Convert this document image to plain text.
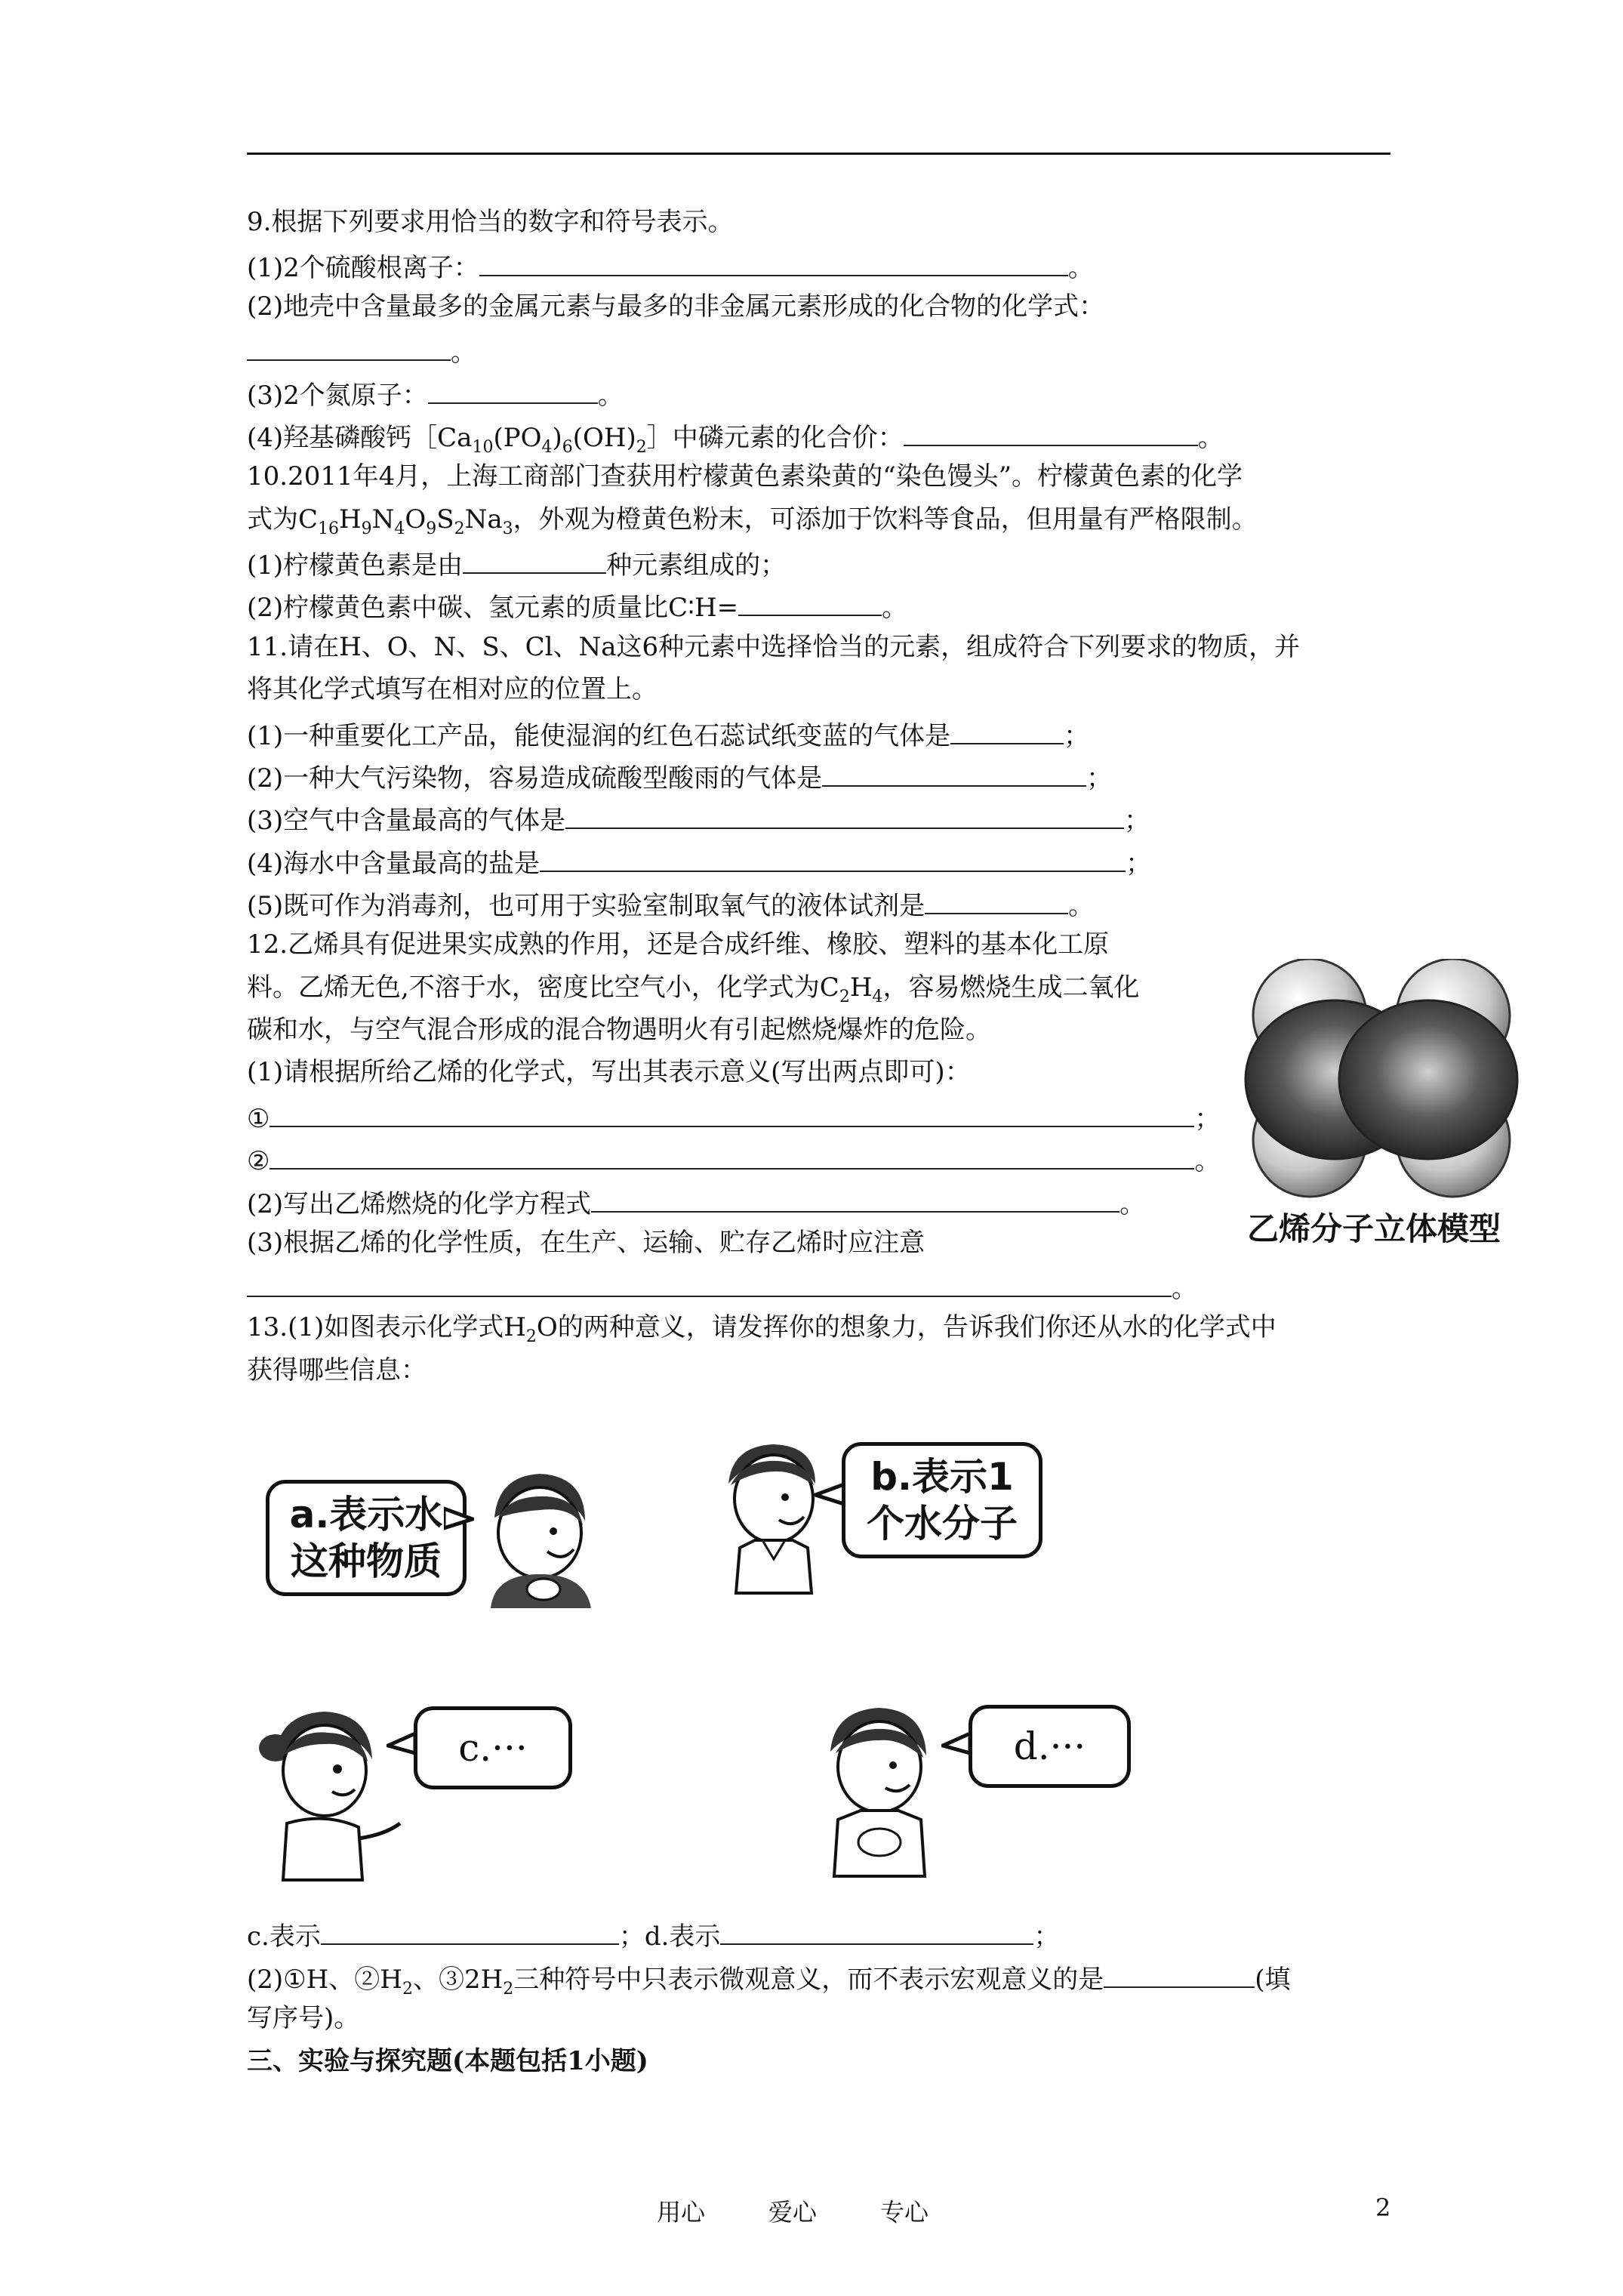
9.根据下列要求用恰当的数字和符号表示。
(1)2个硫酸根离子：	。
(2)地壳中含量最多的金属元素与最多的非金属元素形成的化合物的化学式：
。
(3)2个氮原子：	。
(4)羟基磷酸钙$[Ca_{10}(PO_4)_6(OH)_2]$中磷元素的化合价：	。
10.2011年4月，上海工商部门查获用柠檬黄色素染黄的“染色馒头”。柠檬黄色素的化学
式为$C_{16}H_9N_4O_9S_2Na_3$，外观为橙黄色粉末，可添加于饮料等食品，但用量有严格限制。
(1)柠檬黄色素是由	种元素组成的；
(2)柠檬黄色素中碳、氢元素的质量比C∶H=	。
11.请在H、O、N、S、Cl、Na这6种元素中选择恰当的元素，组成符合下列要求的物质，并
将其化学式填写在相对应的位置上。
(1)一种重要化工产品，能使湿润的红色石蕊试纸变蓝的气体是	；
(2)一种大气污染物，容易造成硫酸型酸雨的气体是	；
(3)空气中含量最高的气体是	；
(4)海水中含量最高的盐是	；
(5)既可作为消毒剂，也可用于实验室制取氧气的液体试剂是	。
12.乙烯具有促进果实成熟的作用，还是合成纤维、橡胶、塑料的基本化工原
料。乙烯无色,不溶于水，密度比空气小，化学式为$C_2H_4$，容易燃烧生成二氧化
碳和水，与空气混合形成的混合物遇明火有引起燃烧爆炸的危险。
(1)请根据所给乙烯的化学式，写出其表示意义(写出两点即可)：
①	；
②	。
(2)写出乙烯燃烧的化学方程式	。
(3)根据乙烯的化学性质，在生产、运输、贮存乙烯时应注意
。
乙烯分子立体模型
13.(1)如图表示化学式$H_2O$的两种意义，请发挥你的想象力，告诉我们你还从水的化学式中
获得哪些信息：
a.表示水
这种物质
b.表示1
个水分子
c.···	d.···
c.表示	；d.表示	；
(2)①H、$②H_2$、$③2H_2$三种符号中只表示微观意义，而不表示宏观意义的是	(填
写序号)。
三、实验与探究题(本题包括1小题)
用心	爱心	专心	2
